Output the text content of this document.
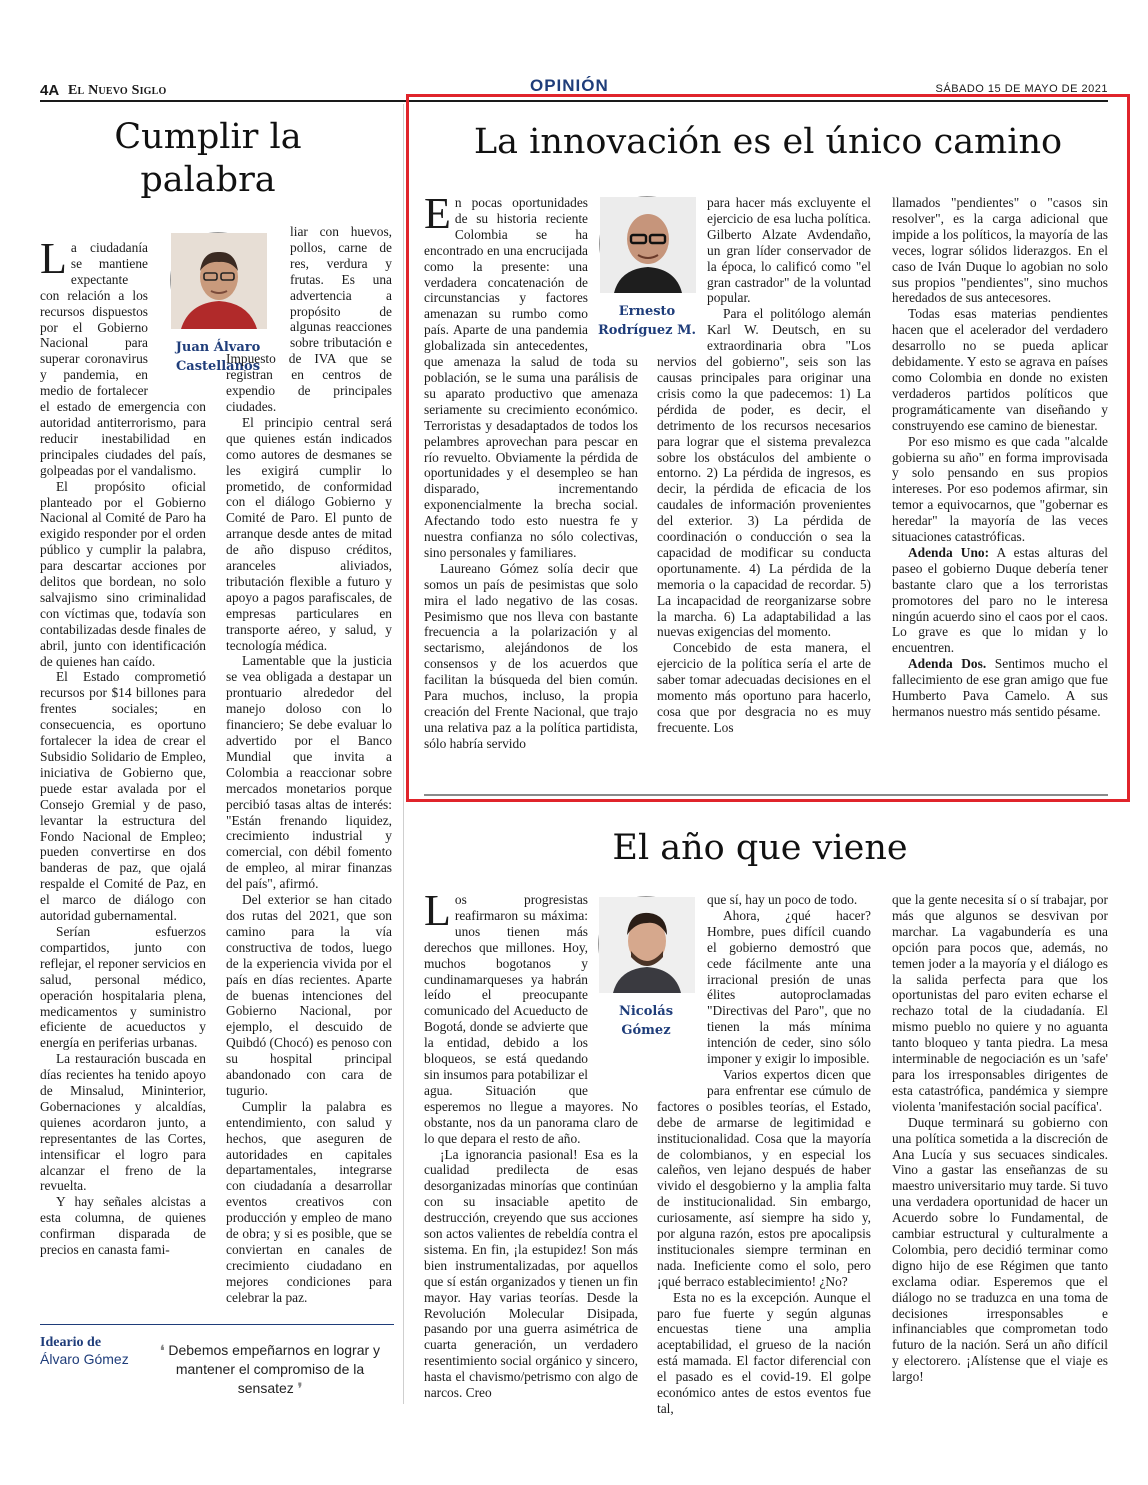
4A El Nuevo Siglo	OPINIÓN	SÁBADO 15 DE MAYO DE 2021
Cumplir la palabra
Juan Álvaro
Castellanos

La ciudadanía se mantiene expectante con relación a los recursos dispuestos por el Gobierno Nacional para superar coronavirus y pandemia, en medio de fortalecer el estado de emergencia con autoridad antiterrorismo, para reducir inestabilidad en principales ciudades del país, golpeadas por el vandalismo.

El propósito oficial planteado por el Gobierno Nacional al Comité de Paro ha exigido responder por el orden público y cumplir la palabra, para descartar acciones por delitos que bordean, no solo salvajismo sino criminalidad con víctimas que, todavía son contabilizadas desde finales de abril, junto con identificación de quienes han caído.

El Estado comprometió recursos por $14 billones para frentes sociales; en consecuencia, es oportuno fortalecer la idea de crear el Subsidio Solidario de Empleo, iniciativa de Gobierno que, puede estar avalada por el Consejo Gremial y de paso, levantar la estructura del Fondo Nacional de Empleo; pueden convertirse en dos banderas de paz, que ojalá respalde el Comité de Paz, en el marco de diálogo con autoridad gubernamental.

Serían esfuerzos compartidos, junto con reflejar, el reponer servicios en salud, personal médico, operación hospitalaria plena, medicamentos y suministro eficiente de acueductos y energía en periferias urbanas.

La restauración buscada en días recientes ha tenido apoyo de Minsalud, Mininterior, Gobernaciones y alcaldías, quienes acordaron junto, a representantes de las Cortes, intensificar el logro para alcanzar el freno de la revuelta.

Y hay señales alcistas a esta columna, de quienes confirman disparada de precios en canasta fami-

liar con huevos, pollos, carne de res, verdura y frutas. Es una advertencia a propósito de algunas reacciones sobre tributación e Impuesto de IVA que se registran en centros de expendio de principales ciudades.

El principio central será que quienes están indicados como autores de desmanes se les exigirá cumplir lo prometido, de conformidad con el diálogo Gobierno y Comité de Paro. El punto de arranque desde antes de mitad de año dispuso créditos, aranceles aliviados, tributación flexible a futuro y apoyo a pagos parafiscales, de empresas particulares en transporte aéreo, y salud, y tecnología médica.

Lamentable que la justicia se vea obligada a destapar un prontuario alrededor del manejo doloso con lo financiero; Se debe evaluar lo advertido por el Banco Mundial que invita a Colombia a reaccionar sobre mercados monetarios porque percibió tasas altas de interés: "Están frenando liquidez, crecimiento industrial y comercial, con débil fomento de empleo, al mirar finanzas del país", afirmó.

Del exterior se han citado dos rutas del 2021, que son camino para la vía constructiva de todos, luego de la experiencia vivida por el país en días recientes. Aparte de buenas intenciones del Gobierno Nacional, por ejemplo, el descuido de Quibdó (Chocó) es penoso con su hospital principal abandonado con cara de tugurio.

Cumplir la palabra es entendimiento, con salud y hechos, que aseguren de autoridades en capitales departamentales, integrarse con ciudadanía a desarrollar eventos creativos con producción y empleo de mano de obra; y si es posible, que se conviertan en canales de crecimiento ciudadano en mejores condiciones para celebrar la paz.

Ideario de
Álvaro Gómez
❛ Debemos empeñarnos en lograr y mantener el compromiso de la sensatez ❜
La innovación es el único camino
Ernesto
Rodríguez M.

En pocas oportunidades de su historia reciente Colombia se ha encontrado en una encrucijada como la presente: una verdadera concatenación de circunstancias y factores amenazan su rumbo como país. Aparte de una pandemia globalizada sin antecedentes, que amenaza la salud de toda su población, se le suma una parálisis de su aparato productivo que amenaza seriamente su crecimiento económico. Terroristas y desadaptados de todos los pelambres aprovechan para pescar en río revuelto. Obviamente la pérdida de oportunidades y el desempleo se han disparado, incrementando exponencialmente la brecha social. Afectando todo esto nuestra fe y nuestra confianza no sólo colectivas, sino personales y familiares.

Laureano Gómez solía decir que somos un país de pesimistas que solo mira el lado negativo de las cosas. Pesimismo que nos lleva con bastante frecuencia a la polarización y al sectarismo, alejándonos de los consensos y de los acuerdos que facilitan la búsqueda del bien común. Para muchos, incluso, la propia creación del Frente Nacional, que trajo una relativa paz a la política partidista, sólo habría servido

para hacer más excluyente el ejercicio de esa lucha política. Gilberto Alzate Avdendaño, un gran líder conservador de la época, lo calificó como "el gran castrador" de la voluntad popular.

Para el politólogo alemán Karl W. Deutsch, en su extraordinaria obra "Los nervios del gobierno", seis son las causas principales para originar una crisis como la que padecemos: 1) La pérdida de poder, es decir, el detrimento de los recursos necesarios para lograr que el sistema prevalezca sobre los obstáculos del ambiente o entorno. 2) La pérdida de ingresos, es decir, la pérdida de eficacia de los caudales de información provenientes del exterior. 3) La pérdida de coordinación o conducción o sea la capacidad de modificar su conducta oportunamente. 4) La pérdida de la memoria o la capacidad de recordar. 5) La incapacidad de reorganizarse sobre la marcha. 6) La adaptabilidad a las nuevas exigencias del momento.

Concebido de esta manera, el ejercicio de la política sería el arte de saber tomar adecuadas decisiones en el momento más oportuno para hacerlo, cosa que por desgracia no es muy frecuente. Los

llamados "pendientes" o "casos sin resolver", es la carga adicional que impide a los políticos, la mayoría de las veces, lograr sólidos liderazgos. En el caso de Iván Duque lo agobian no solo sus propios "pendientes", sino muchos heredados de sus antecesores.

Todas esas materias pendientes hacen que el acelerador del verdadero desarrollo no se pueda aplicar debidamente. Y esto se agrava en países como Colombia en donde no existen verdaderos partidos políticos que programáticamente van diseñando y construyendo ese camino de bienestar.

Por eso mismo es que cada "alcalde gobierna su año" en forma improvisada y solo pensando en sus propios intereses. Por eso podemos afirmar, sin temor a equivocarnos, que "gobernar es heredar" la mayoría de las veces situaciones catastróficas.

Adenda Uno: A estas alturas del paseo el gobierno Duque debería tener bastante claro que a los terroristas promotores del paro no le interesa ningún acuerdo sino el caos por el caos. Lo grave es que lo midan y lo encuentren.

Adenda Dos. Sentimos mucho el fallecimiento de ese gran amigo que fue Humberto Pava Camelo. A sus hermanos nuestro más sentido pésame.

El año que viene
Nicolás
Gómez

Los progresistas reafirmaron su máxima: unos tienen más derechos que millones. Hoy, muchos bogotanos y cundinamarqueses ya habrán leído el preocupante comunicado del Acueducto de Bogotá, donde se advierte que la entidad, debido a los bloqueos, se está quedando sin insumos para potabilizar el agua. Situación que esperemos no llegue a mayores. No obstante, nos da un panorama claro de lo que depara el resto de año.

¡La ignorancia pasional! Esa es la cualidad predilecta de esas desorganizadas minorías que continúan con su insaciable apetito de destrucción, creyendo que sus acciones son actos valientes de rebeldía contra el sistema. En fin, ¡la estupidez! Son más bien instrumentalizadas, por aquellos que sí están organizados y tienen un fin mayor. Hay varias teorías. Desde la Revolución Molecular Disipada, pasando por una guerra asimétrica de cuarta generación, un verdadero resentimiento social orgánico y sincero, hasta el chavismo/petrismo con algo de narcos. Creo

que sí, hay un poco de todo.

Ahora, ¿qué hacer? Hombre, pues difícil cuando el gobierno demostró que cede fácilmente ante una irracional presión de unas élites autoproclamadas "Directivas del Paro", que no tienen la más mínima intención de ceder, sino sólo imponer y exigir lo imposible.

Varios expertos dicen que para enfrentar ese cúmulo de factores o posibles teorías, el Estado, debe de armarse de legitimidad e institucionalidad. Cosa que la mayoría de colombianos, y en especial los caleños, ven lejano después de haber vivido el desgobierno y la amplia falta de institucionalidad. Sin embargo, curiosamente, así siempre ha sido y, por alguna razón, estos pre apocalipsis institucionales siempre terminan en nada. Ineficiente como el solo, pero ¡qué berraco establecimiento! ¿No?

Esta no es la excepción. Aunque el paro fue fuerte y según algunas encuestas tiene una amplia aceptabilidad, el grueso de la nación está mamada. El factor diferencial con el pasado es el covid-19. El golpe económico antes de estos eventos fue tal,

que la gente necesita sí o sí trabajar, por más que algunos se desvivan por marchar. La vagabundería es una opción para pocos que, además, no temen joder a la mayoría y el diálogo es la salida perfecta para que los oportunistas del paro eviten echarse el rechazo total de la ciudadanía. El mismo pueblo no quiere y no aguanta tanto bloqueo y tanta piedra. La mesa interminable de negociación es un 'safe' para los irresponsables dirigentes de esta catastrófica, pandémica y siempre violenta 'manifestación social pacífica'.

Duque terminará su gobierno con una política sometida a la discreción de Ana Lucía y sus secuaces sindicales. Vino a gastar las enseñanzas de su maestro universitario muy tarde. Si tuvo una verdadera oportunidad de hacer un Acuerdo sobre lo Fundamental, de cambiar estructural y culturalmente a Colombia, pero decidió terminar como digno hijo de ese Régimen que tanto exclama odiar. Esperemos que el diálogo no se traduzca en una toma de decisiones irresponsables e infinanciables que comprometan todo futuro de la nación. Será un año difícil y electorero. ¡Alístense que el viaje es largo!
